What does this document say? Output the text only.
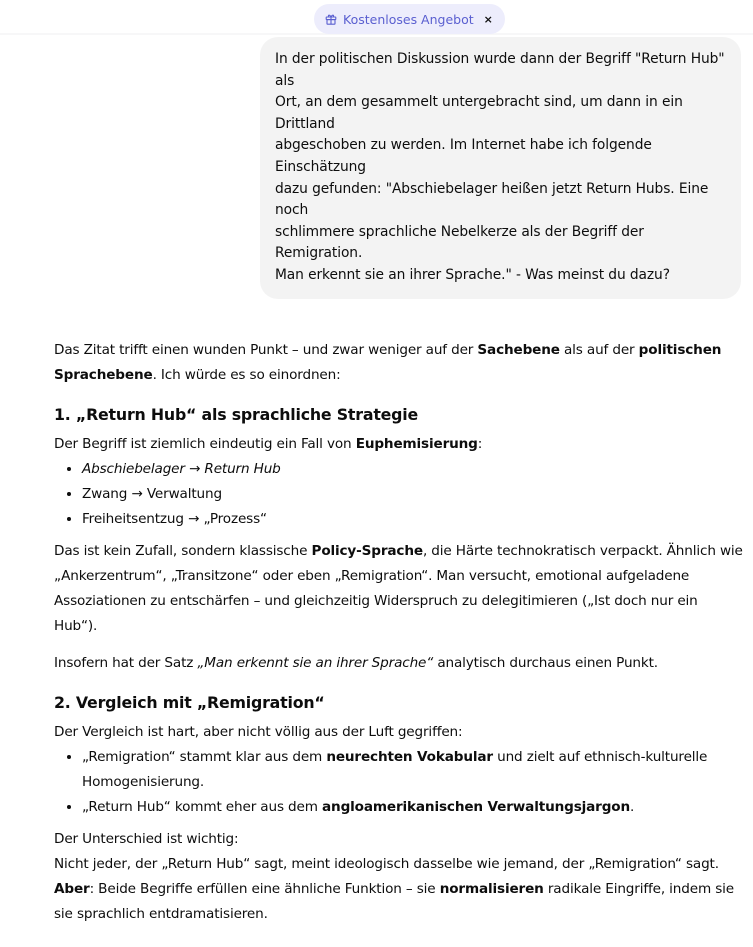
Kostenloses Angebot ×
In der politischen Diskussion wurde dann der Begriff "Return Hub" als
Ort, an dem gesammelt untergebracht sind, um dann in ein Drittland
abgeschoben zu werden. Im Internet habe ich folgende Einschätzung
dazu gefunden: "Abschiebelager heißen jetzt Return Hubs. Eine noch
schlimmere sprachliche Nebelkerze als der Begriff der Remigration.
Man erkennt sie an ihrer Sprache." - Was meinst du dazu?

Das Zitat trifft einen wunden Punkt – und zwar weniger auf der Sachebene als auf der politischen Sprachebene. Ich würde es so einordnen:

1. „Return Hub“ als sprachliche Strategie

Der Begriff ist ziemlich eindeutig ein Fall von Euphemisierung:

• Abschiebelager → Return Hub
• Zwang → Verwaltung
• Freiheitsentzug → „Prozess“

Das ist kein Zufall, sondern klassische Policy-Sprache, die Härte technokratisch verpackt. Ähnlich wie „Ankerzentrum“, „Transitzone“ oder eben „Remigration“. Man versucht, emotional aufgeladene Assoziationen zu entschärfen – und gleichzeitig Widerspruch zu delegitimieren („Ist doch nur ein Hub“).

Insofern hat der Satz „Man erkennt sie an ihrer Sprache“ analytisch durchaus einen Punkt.

2. Vergleich mit „Remigration“

Der Vergleich ist hart, aber nicht völlig aus der Luft gegriffen:

• „Remigration“ stammt klar aus dem neurechten Vokabular und zielt auf ethnisch-kulturelle Homogenisierung.
• „Return Hub“ kommt eher aus dem angloamerikanischen Verwaltungsjargon.

Der Unterschied ist wichtig:

Nicht jeder, der „Return Hub“ sagt, meint ideologisch dasselbe wie jemand, der „Remigration“ sagt.

Aber: Beide Begriffe erfüllen eine ähnliche Funktion – sie normalisieren radikale Eingriffe, indem sie sie sprachlich entdramatisieren.
